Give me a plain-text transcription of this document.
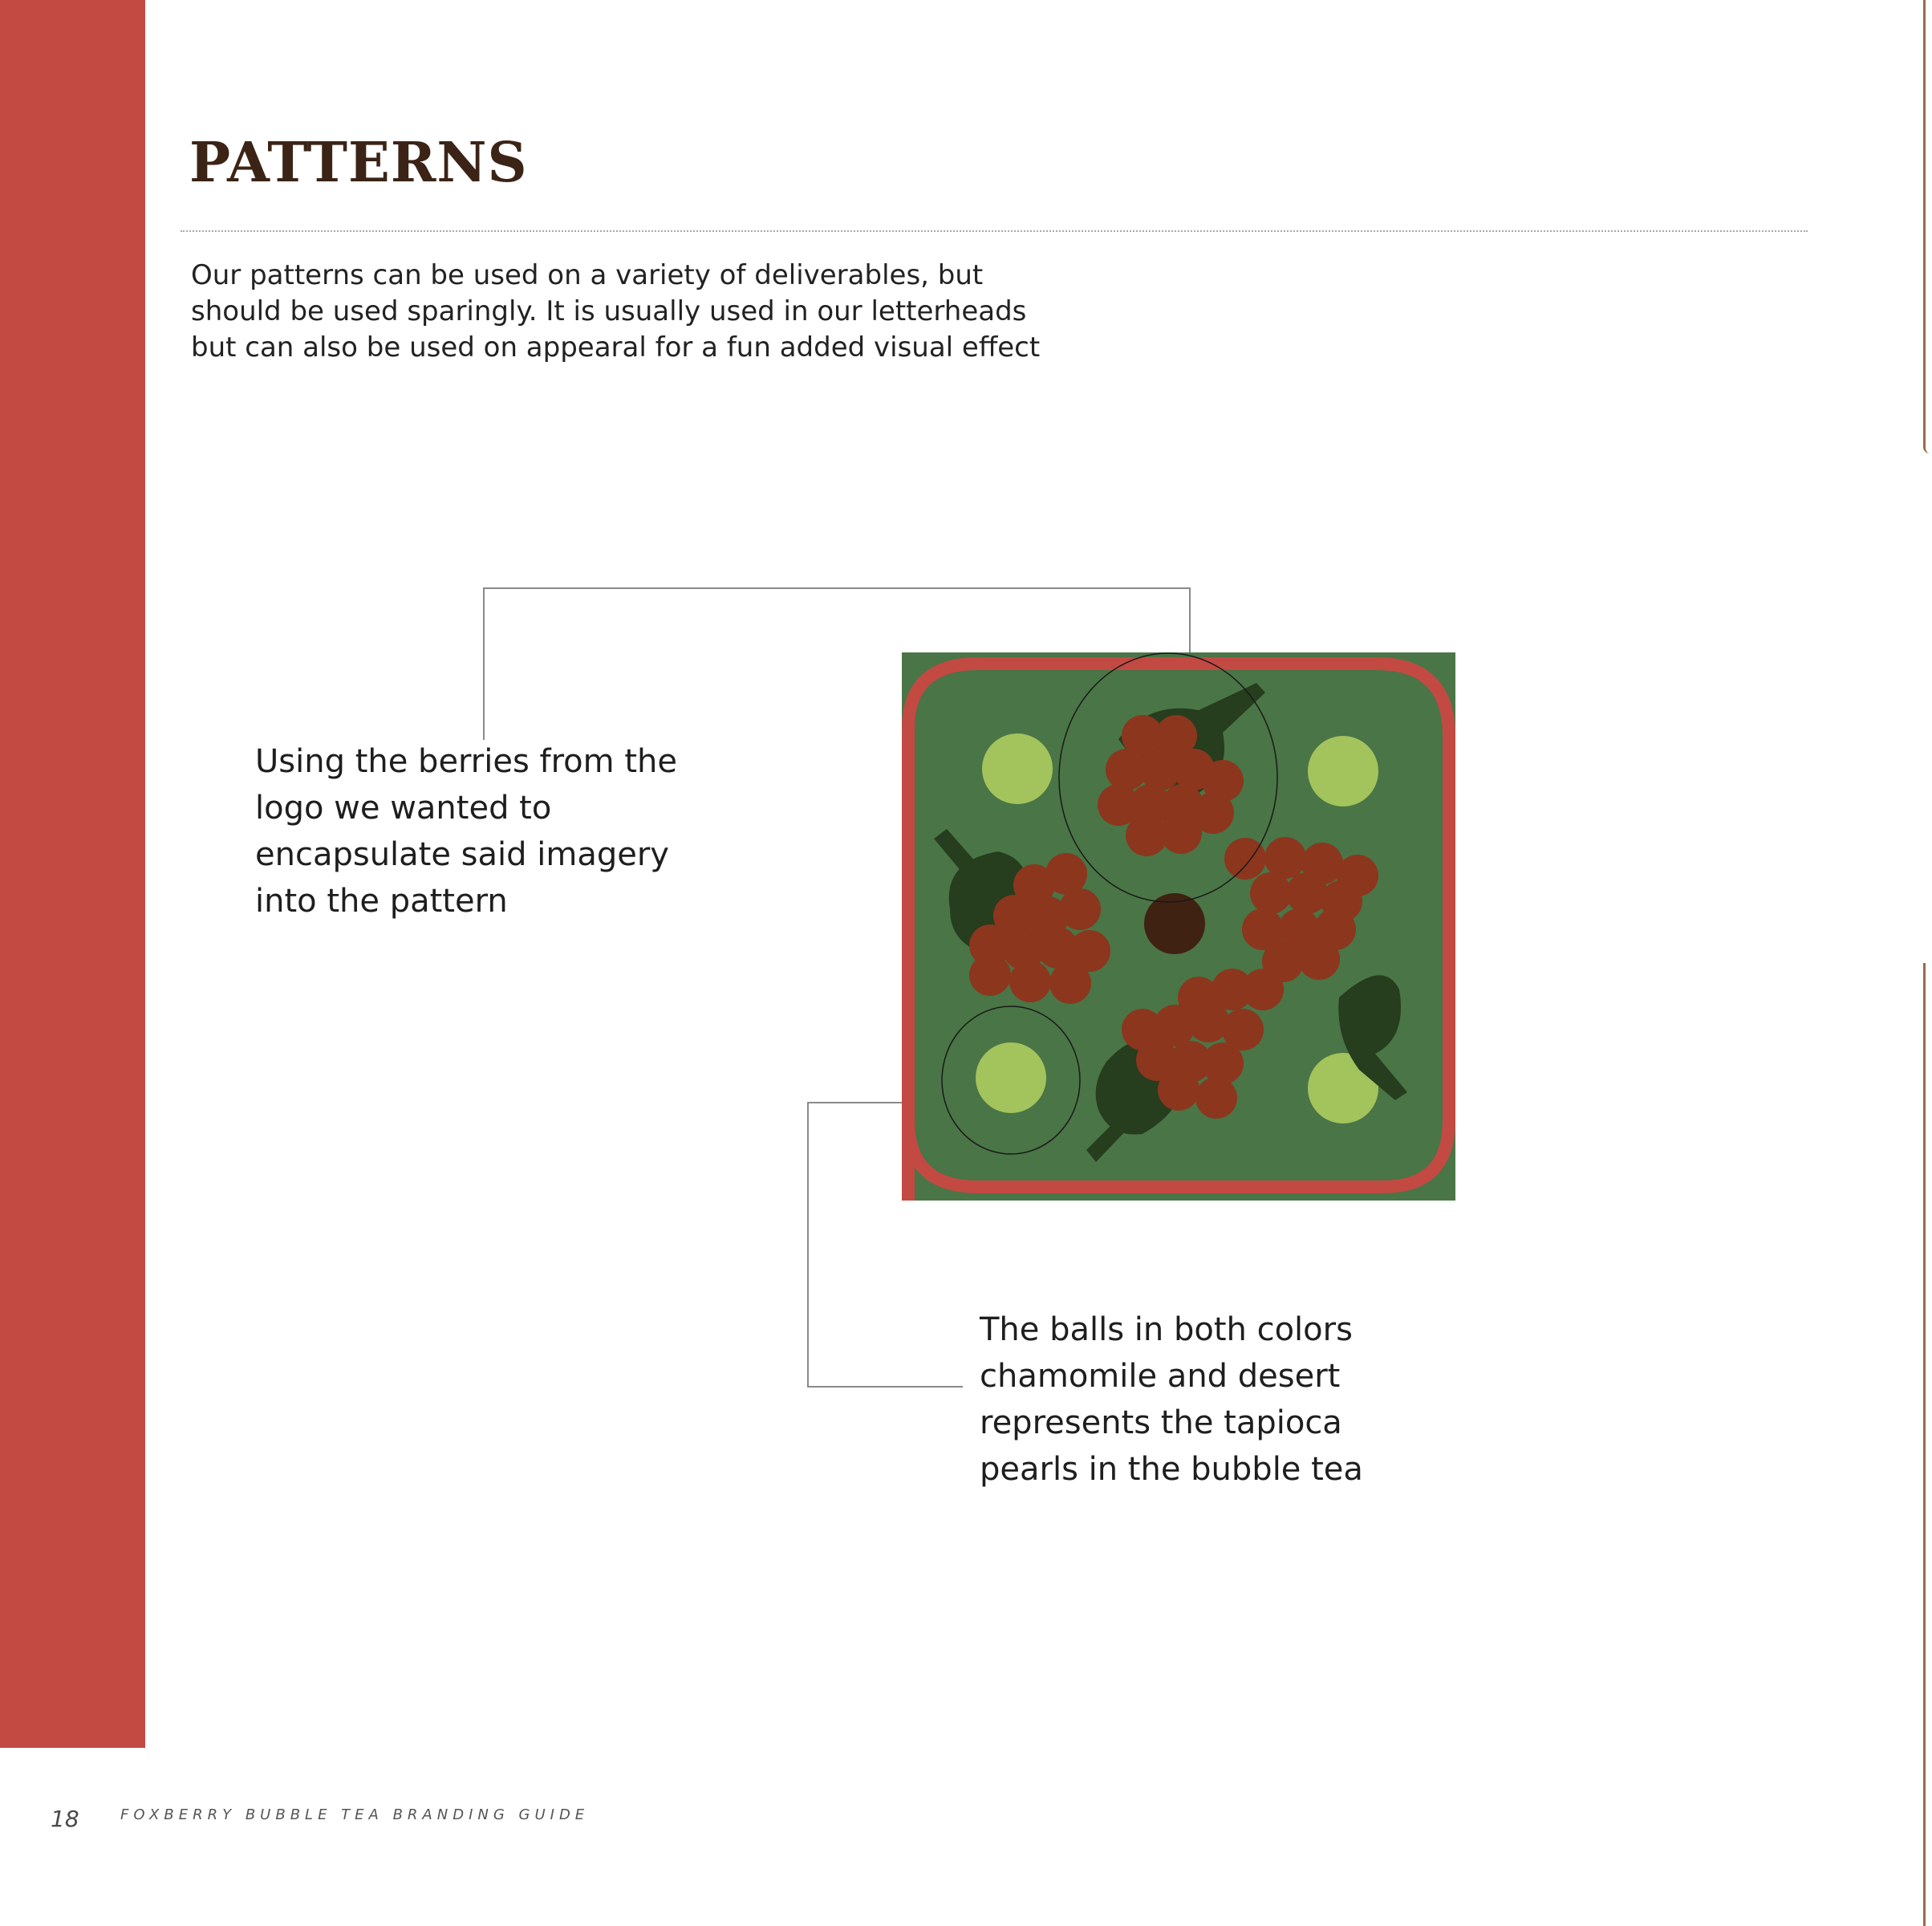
PATTERNS
Our patterns can be used on a variety of deliverables, but should be used sparingly. It is usually used in our letterheads but can also be used on appearal for a fun added visual effect
Using the berries from the logo we wanted to encapsulate said imagery into the pattern
The balls in both colors chamomile and desert represents the tapioca pearls in the bubble tea
18	FOXBERRY BUBBLE TEA BRANDING GUIDE
